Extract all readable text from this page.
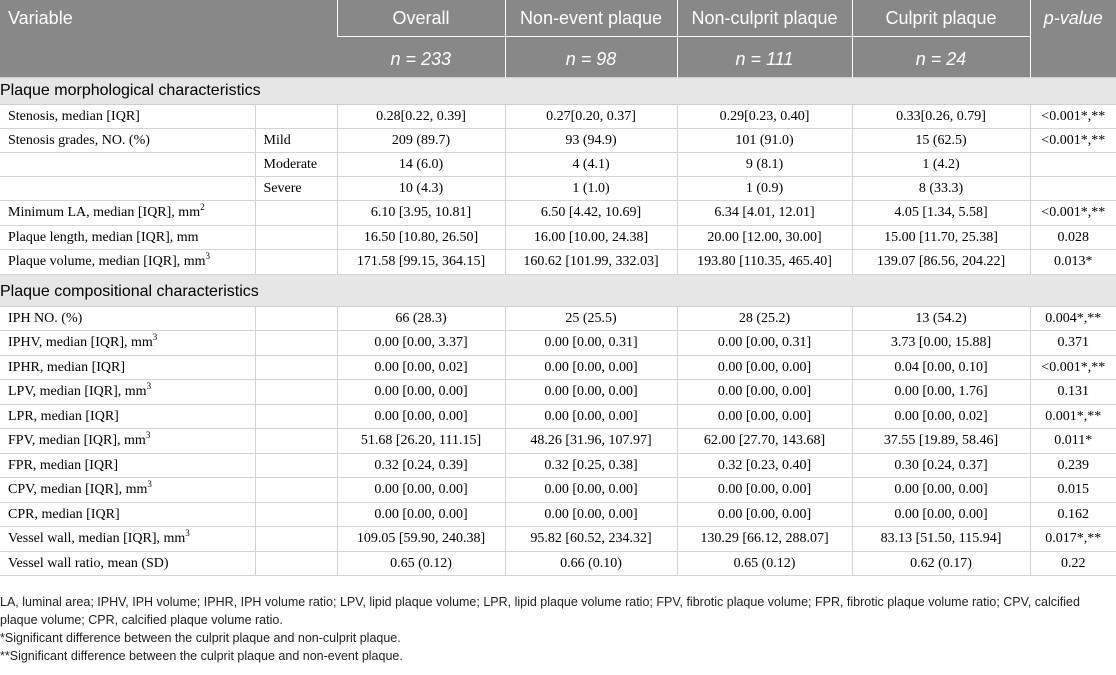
Variable		Overall	Non-event plaque	Non-culprit plaque	Culprit plaque	p-value
		n = 233	n = 98	n = 111	n = 24	
Plaque morphological characteristics						
Stenosis, median [IQR]		0.28[0.22, 0.39]	0.27[0.20, 0.37]	0.29[0.23, 0.40]	0.33[0.26, 0.79]	<0.001*,**
Stenosis grades, NO. (%)	Mild	209 (89.7)	93 (94.9)	101 (91.0)	15 (62.5)	<0.001*,**
	Moderate	14 (6.0)	4 (4.1)	9 (8.1)	1 (4.2)	
	Severe	10 (4.3)	1 (1.0)	1 (0.9)	8 (33.3)	
Minimum LA, median [IQR], $mm^2$		6.10 [3.95, 10.81]	6.50 [4.42, 10.69]	6.34 [4.01, 12.01]	4.05 [1.34, 5.58]	<0.001*,**
Plaque length, median [IQR], mm		16.50 [10.80, 26.50]	16.00 [10.00, 24.38]	20.00 [12.00, 30.00]	15.00 [11.70, 25.38]	0.028
Plaque volume, median [IQR], $mm^3$		171.58 [99.15, 364.15]	160.62 [101.99, 332.03]	193.80 [110.35, 465.40]	139.07 [86.56, 204.22]	0.013*
Plaque compositional characteristics						
IPH NO. (%)		66 (28.3)	25 (25.5)	28 (25.2)	13 (54.2)	0.004*,**
IPHV, median [IQR], $mm^3$		0.00 [0.00, 3.37]	0.00 [0.00, 0.31]	0.00 [0.00, 0.31]	3.73 [0.00, 15.88]	0.371
IPHR, median [IQR]		0.00 [0.00, 0.02]	0.00 [0.00, 0.00]	0.00 [0.00, 0.00]	0.04 [0.00, 0.10]	<0.001*,**
LPV, median [IQR], $mm^3$		0.00 [0.00, 0.00]	0.00 [0.00, 0.00]	0.00 [0.00, 0.00]	0.00 [0.00, 1.76]	0.131
LPR, median [IQR]		0.00 [0.00, 0.00]	0.00 [0.00, 0.00]	0.00 [0.00, 0.00]	0.00 [0.00, 0.02]	0.001*,**
FPV, median [IQR], $mm^3$		51.68 [26.20, 111.15]	48.26 [31.96, 107.97]	62.00 [27.70, 143.68]	37.55 [19.89, 58.46]	0.011*
FPR, median [IQR]		0.32 [0.24, 0.39]	0.32 [0.25, 0.38]	0.32 [0.23, 0.40]	0.30 [0.24, 0.37]	0.239
CPV, median [IQR], $mm^3$		0.00 [0.00, 0.00]	0.00 [0.00, 0.00]	0.00 [0.00, 0.00]	0.00 [0.00, 0.00]	0.015
CPR, median [IQR]		0.00 [0.00, 0.00]	0.00 [0.00, 0.00]	0.00 [0.00, 0.00]	0.00 [0.00, 0.00]	0.162
Vessel wall, median [IQR], $mm^3$		109.05 [59.90, 240.38]	95.82 [60.52, 234.32]	130.29 [66.12, 288.07]	83.13 [51.50, 115.94]	0.017*,**
Vessel wall ratio, mean (SD)		0.65 (0.12)	0.66 (0.10)	0.65 (0.12)	0.62 (0.17)	0.22
LA, luminal area; IPHV, IPH volume; IPHR, IPH volume ratio; LPV, lipid plaque volume; LPR, lipid plaque volume ratio; FPV, fibrotic plaque volume; FPR, fibrotic plaque volume ratio; CPV, calcified plaque volume; CPR, calcified plaque volume ratio.
*Significant difference between the culprit plaque and non-culprit plaque.
**Significant difference between the culprit plaque and non-event plaque.
